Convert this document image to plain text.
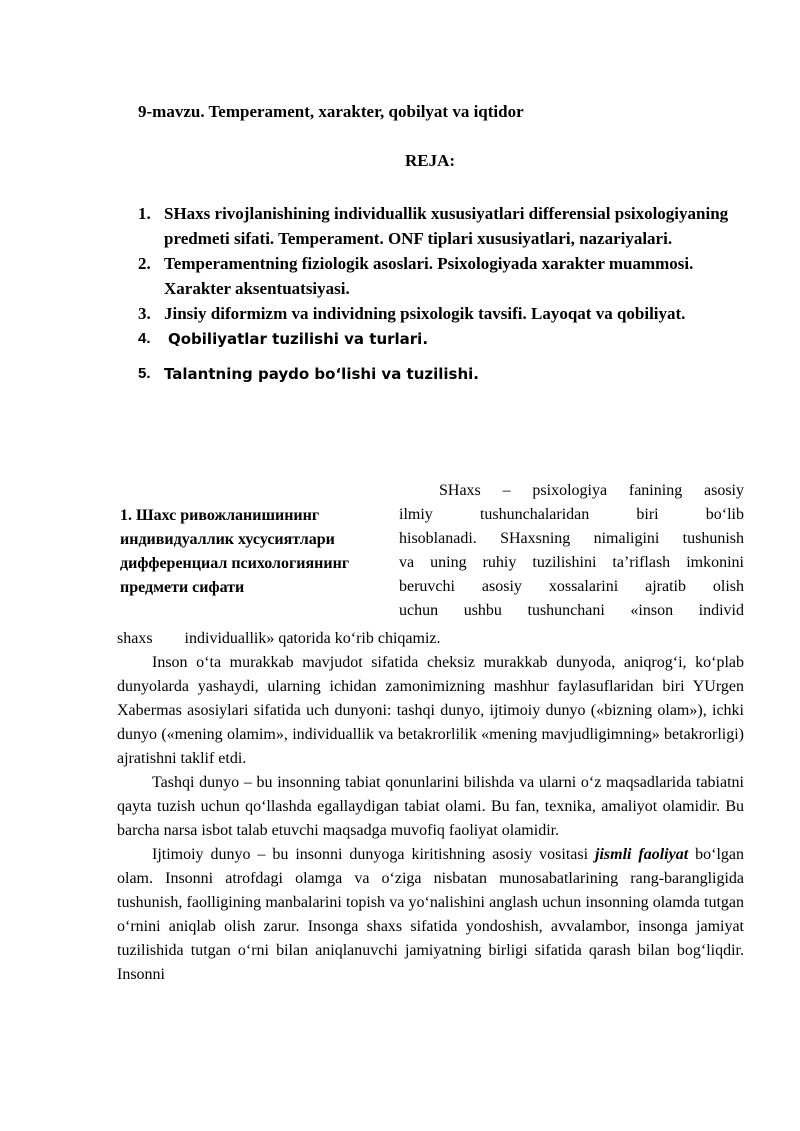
9-mavzu. Temperament, xarakter, qobilyat va iqtidor
REJA:
1. SHaxs rivojlanishining individuallik xususiyatlari differensial psixologiyaning predmeti sifati. Temperament. ONF tiplari xususiyatlari, nazariyalari.
2. Temperamentning fiziologik asoslari. Psixologiyada xarakter muammosi. Xarakter aksentuatsiyasi.
3. Jinsiy diformizm va individning psixologik tavsifi. Layoqat va qobiliyat.
4. Qobiliyatlar tuzilishi va turlari.
5. Talantning paydo bo‘lishi va tuzilishi.
1. Шахс ривожланишининг индивидуаллик хусусиятлари дифференциал психологиянинг предмети сифати
SHaxs – psixologiya fanining asosiy
ilmiy tushunchalaridan biri bo‘lib
hisoblanadi. SHaxsning nimaligini tushunish
va uning ruhiy tuzilishini ta’riflash imkonini
beruvchi asosiy xossalarini ajratib olish
uchun ushbu tushunchani «inson individ

shaxs        individuallik» qatorida ko‘rib chiqamiz.

Inson o‘ta murakkab mavjudot sifatida cheksiz murakkab dunyoda, aniqrog‘i, ko‘plab dunyolarda yashaydi, ularning ichidan zamonimizning mashhur faylasuflaridan biri YUrgen Xabermas asosiylari sifatida uch dunyoni: tashqi dunyo, ijtimoiy dunyo («bizning olam»), ichki dunyo («mening olamim», individuallik va betakrorlilik «mening mavjudligimning» betakrorligi) ajratishni taklif etdi.

Tashqi dunyo – bu insonning tabiat qonunlarini bilishda va ularni o‘z maqsadlarida tabiatni qayta tuzish uchun qo‘llashda egallaydigan tabiat olami. Bu fan, texnika, amaliyot olamidir. Bu barcha narsa isbot talab etuvchi maqsadga muvofiq faoliyat olamidir.

Ijtimoiy dunyo – bu insonni dunyoga kiritishning asosiy vositasi jismli faoliyat bo‘lgan olam. Insonni atrofdagi olamga va o‘ziga nisbatan munosabatlarining rang-barangligida tushunish, faolligining manbalarini topish va yo‘nalishini anglash uchun insonning olamda tutgan o‘rnini aniqlab olish zarur. Insonga shaxs sifatida yondoshish, avvalambor, insonga jamiyat tuzilishida tutgan o‘rni bilan aniqlanuvchi jamiyatning birligi sifatida qarash bilan bog‘liqdir. Insonni
